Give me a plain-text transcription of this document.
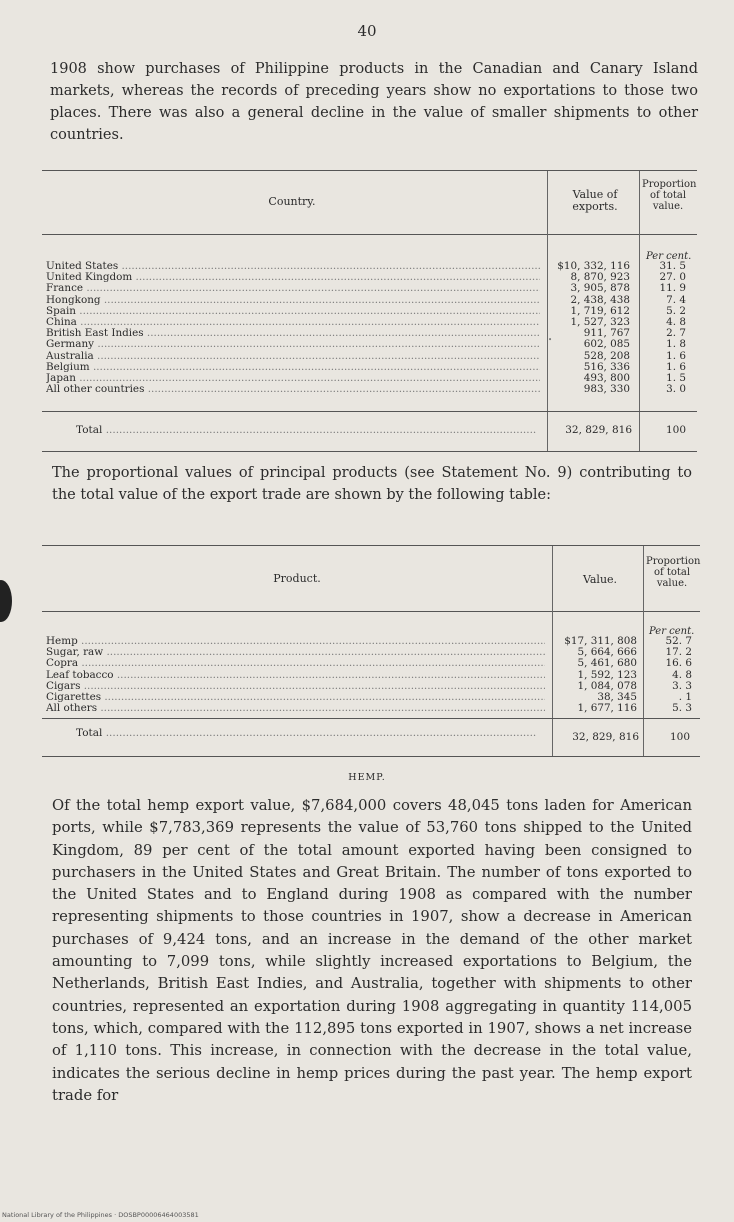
40

1908 show purchases of Philippine products in the Canadian and Canary Island markets, whereas the records of preceding years show no exportations to those two places. There was also a general decline in the value of smaller shipments to other countries.

Country.
Value of exports.
Proportion of total value.
Per cent.
United States .....	$10, 332, 116	31. 5
United Kingdom .....	8, 870, 923	27. 0
France .....	3, 905, 878	11. 9
Hongkong .....	2, 438, 438	7. 4
Spain .....	1, 719, 612	5. 2
China .....	1, 527, 323	4. 8
British East Indies .....	911, 767	2. 7
Germany .....	602, 085	1. 8
Australia .....	528, 208	1. 6
Belgium .....	516, 336	1. 6
Japan .....	493, 800	1. 5
All other countries .....	983, 330	3. 0
Total .....	32, 829, 816	100
•

The proportional values of principal products (see Statement No. 9) contributing to the total value of the export trade are shown by the following table:

Product.	Value.
Proportion of total value.
Per cent.
Hemp .....	$17, 311, 808	52. 7
Sugar, raw .....	5, 664, 666	17. 2
Copra .....	5, 461, 680	16. 6
Leaf tobacco .....	1, 592, 123	4. 8
Cigars .....	1, 084, 078	3. 3
Cigarettes .....	38, 345	. 1
All others .....	1, 677, 116	5. 3
Total .....	32, 829, 816	100
HEMP.

Of the total hemp export value, $7,684,000 covers 48,045 tons laden for American ports, while $7,783,369 represents the value of 53,760 tons shipped to the United Kingdom, 89 per cent of the total amount exported having been consigned to purchasers in the United States and Great Britain. The number of tons exported to the United States and to England during 1908 as compared with the number representing shipments to those countries in 1907, show a decrease in American purchases of 9,424 tons, and an increase in the demand of the other market amounting to 7,099 tons, while slightly increased exportations to Belgium, the Netherlands, British East Indies, and Australia, together with shipments to other countries, represented an exportation during 1908 aggregating in quantity 114,005 tons, which, compared with the 112,895 tons exported in 1907, shows a net increase of 1,110 tons. This increase, in connection with the decrease in the total value, indicates the serious decline in hemp prices during the past year. The hemp export trade for

National Library of the Philippines · DOSBP00006464003581
